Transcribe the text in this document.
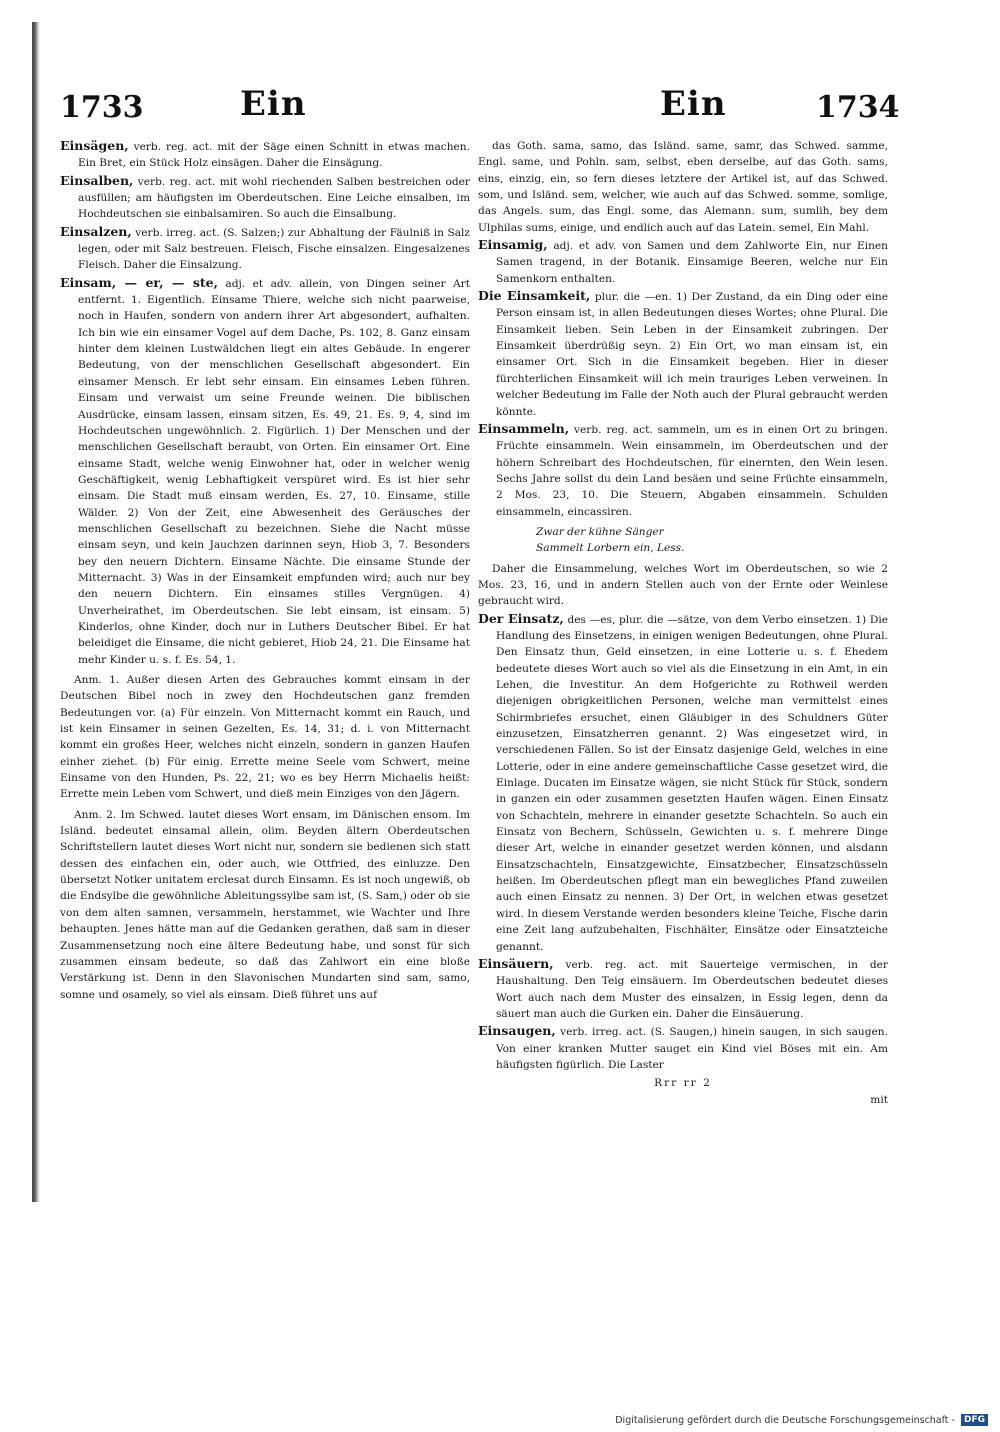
1733	Ein	Ein	1734

Einsägen, verb. reg. act. mit der Säge einen Schnitt in etwas machen. Ein Bret, ein Stück Holz einsägen. Daher die Einsägung.

Einsalben, verb. reg. act. mit wohl riechenden Salben bestreichen oder ausfüllen; am häufigsten im Oberdeutschen. Eine Leiche einsalben, im Hochdeutschen sie einbalsamiren. So auch die Einsalbung.

Einsalzen, verb. irreg. act. (S. Salzen;) zur Abhaltung der Fäulniß in Salz legen, oder mit Salz bestreuen. Fleisch, Fische einsalzen. Eingesalzenes Fleisch. Daher die Einsalzung.

Einsam, — er, — ste, adj. et adv. allein, von Dingen seiner Art entfernt. 1. Eigentlich. Einsame Thiere, welche sich nicht paarweise, noch in Haufen, sondern von andern ihrer Art abgesondert, aufhalten. Ich bin wie ein einsamer Vogel auf dem Dache, Ps. 102, 8. Ganz einsam hinter dem kleinen Lustwäldchen liegt ein altes Gebäude. In engerer Bedeutung, von der menschlichen Gesellschaft abgesondert. Ein einsamer Mensch. Er lebt sehr einsam. Ein einsames Leben führen. Einsam und verwaist um seine Freunde weinen. Die biblischen Ausdrücke, einsam lassen, einsam sitzen, Es. 49, 21. Es. 9, 4, sind im Hochdeutschen ungewöhnlich. 2. Figürlich. 1) Der Menschen und der menschlichen Gesellschaft beraubt, von Orten. Ein einsamer Ort. Eine einsame Stadt, welche wenig Einwohner hat, oder in welcher wenig Geschäftigkeit, wenig Lebhaftigkeit verspüret wird. Es ist hier sehr einsam. Die Stadt muß einsam werden, Es. 27, 10. Einsame, stille Wälder. 2) Von der Zeit, eine Abwesenheit des Geräusches der menschlichen Gesellschaft zu bezeichnen. Siehe die Nacht müsse einsam seyn, und kein Jauchzen darinnen seyn, Hiob 3, 7. Besonders bey den neuern Dichtern. Einsame Nächte. Die einsame Stunde der Mitternacht. 3) Was in der Einsamkeit empfunden wird; auch nur bey den neuern Dichtern. Ein einsames stilles Vergnügen. 4) Unverheirathet, im Oberdeutschen. Sie lebt einsam, ist einsam. 5) Kinderlos, ohne Kinder, doch nur in Luthers Deutscher Bibel. Er hat beleidiget die Einsame, die nicht gebieret, Hiob 24, 21. Die Einsame hat mehr Kinder u. s. f. Es. 54, 1.

Anm. 1. Außer diesen Arten des Gebrauches kommt einsam in der Deutschen Bibel noch in zwey den Hochdeutschen ganz fremden Bedeutungen vor. (a) Für einzeln. Von Mitternacht kommt ein Rauch, und ist kein Einsamer in seinen Gezelten, Es. 14, 31; d. i. von Mitternacht kommt ein großes Heer, welches nicht einzeln, sondern in ganzen Haufen einher ziehet. (b) Für einig. Errette meine Seele vom Schwert, meine Einsame von den Hunden, Ps. 22, 21; wo es bey Herrn Michaelis heißt: Errette mein Leben vom Schwert, und dieß mein Einziges von den Jägern.

Anm. 2. Im Schwed. lautet dieses Wort ensam, im Dänischen ensom. Im Isländ. bedeutet einsamal allein, olim. Beyden ältern Oberdeutschen Schriftstellern lautet dieses Wort nicht nur, sondern sie bedienen sich statt dessen des einfachen ein, oder auch, wie Ottfried, des einluzze. Den übersetzt Notker unitatem erclesat durch Einsamn. Es ist noch ungewiß, ob die Endsylbe die gewöhnliche Ableitungssylbe sam ist, (S. Sam,) oder ob sie von dem alten samnen, versammeln, herstammet, wie Wachter und Ihre behaupten. Jenes hätte man auf die Gedanken gerathen, daß sam in dieser Zusammensetzung noch eine ältere Bedeutung habe, und sonst für sich zusammen einsam bedeute, so daß das Zahlwort ein eine bloße Verstärkung ist. Denn in den Slavonischen Mundarten sind sam, samo, somne und osamely, so viel als einsam. Dieß führet uns auf

das Goth. sama, samo, das Isländ. same, samr, das Schwed. samme, Engl. same, und Pohln. sam, selbst, eben derselbe, auf das Goth. sams, eins, einzig, ein, so fern dieses letztere der Artikel ist, auf das Schwed. som, und Isländ. sem, welcher, wie auch auf das Schwed. somme, somlige, das Angels. sum, das Engl. some, das Alemann. sum, sumlih, bey dem Ulphilas sums, einige, und endlich auch auf das Latein. semel, Ein Mahl.

Einsamig, adj. et adv. von Samen und dem Zahlworte Ein, nur Einen Samen tragend, in der Botanik. Einsamige Beeren, welche nur Ein Samenkorn enthalten.

Die Einsamkeit, plur. die —en. 1) Der Zustand, da ein Ding oder eine Person einsam ist, in allen Bedeutungen dieses Wortes; ohne Plural. Die Einsamkeit lieben. Sein Leben in der Einsamkeit zubringen. Der Einsamkeit überdrüßig seyn. 2) Ein Ort, wo man einsam ist, ein einsamer Ort. Sich in die Einsamkeit begeben. Hier in dieser fürchterlichen Einsamkeit will ich mein trauriges Leben verweinen. In welcher Bedeutung im Falle der Noth auch der Plural gebraucht werden könnte.

Einsammeln, verb. reg. act. sammeln, um es in einen Ort zu bringen. Früchte einsammeln. Wein einsammeln, im Oberdeutschen und der höhern Schreibart des Hochdeutschen, für einernten, den Wein lesen. Sechs Jahre sollst du dein Land besäen und seine Früchte einsammeln, 2 Mos. 23, 10. Die Steuern, Abgaben einsammeln. Schulden einsammeln, eincassiren.

Zwar der kühne Sänger
Sammelt Lorbern ein, Less.

Daher die Einsammelung, welches Wort im Oberdeutschen, so wie 2 Mos. 23, 16, und in andern Stellen auch von der Ernte oder Weinlese gebraucht wird.

Der Einsatz, des —es, plur. die —sätze, von dem Verbo einsetzen. 1) Die Handlung des Einsetzens, in einigen wenigen Bedeutungen, ohne Plural. Den Einsatz thun, Geld einsetzen, in eine Lotterie u. s. f. Ehedem bedeutete dieses Wort auch so viel als die Einsetzung in ein Amt, in ein Lehen, die Investitur. An dem Hofgerichte zu Rothweil werden diejenigen obrigkeitlichen Personen, welche man vermittelst eines Schirmbriefes ersuchet, einen Gläubiger in des Schuldners Güter einzusetzen, Einsatzherren genannt. 2) Was eingesetzet wird, in verschiedenen Fällen. So ist der Einsatz dasjenige Geld, welches in eine Lotterie, oder in eine andere gemeinschaftliche Casse gesetzet wird, die Einlage. Ducaten im Einsatze wägen, sie nicht Stück für Stück, sondern in ganzen ein oder zusammen gesetzten Haufen wägen. Einen Einsatz von Schachteln, mehrere in einander gesetzte Schachteln. So auch ein Einsatz von Bechern, Schüsseln, Gewichten u. s. f. mehrere Dinge dieser Art, welche in einander gesetzet werden können, und alsdann Einsatzschachteln, Einsatzgewichte, Einsatzbecher, Einsatzschüsseln heißen. Im Oberdeutschen pflegt man ein bewegliches Pfand zuweilen auch einen Einsatz zu nennen. 3) Der Ort, in welchen etwas gesetzet wird. In diesem Verstande werden besonders kleine Teiche, Fische darin eine Zeit lang aufzubehalten, Fischhälter, Einsätze oder Einsatzteiche genannt.

Einsäuern, verb. reg. act. mit Sauerteige vermischen, in der Haushaltung. Den Teig einsäuern. Im Oberdeutschen bedeutet dieses Wort auch nach dem Muster des einsalzen, in Essig legen, denn da säuert man auch die Gurken ein. Daher die Einsäuerung.

Einsaugen, verb. irreg. act. (S. Saugen,) hinein saugen, in sich saugen. Von einer kranken Mutter sauget ein Kind viel Böses mit ein. Am häufigsten figürlich. Die Laster

Rrr rr 2
mit
Digitalisierung gefördert durch die Deutsche Forschungsgemeinschaft -	DFG
